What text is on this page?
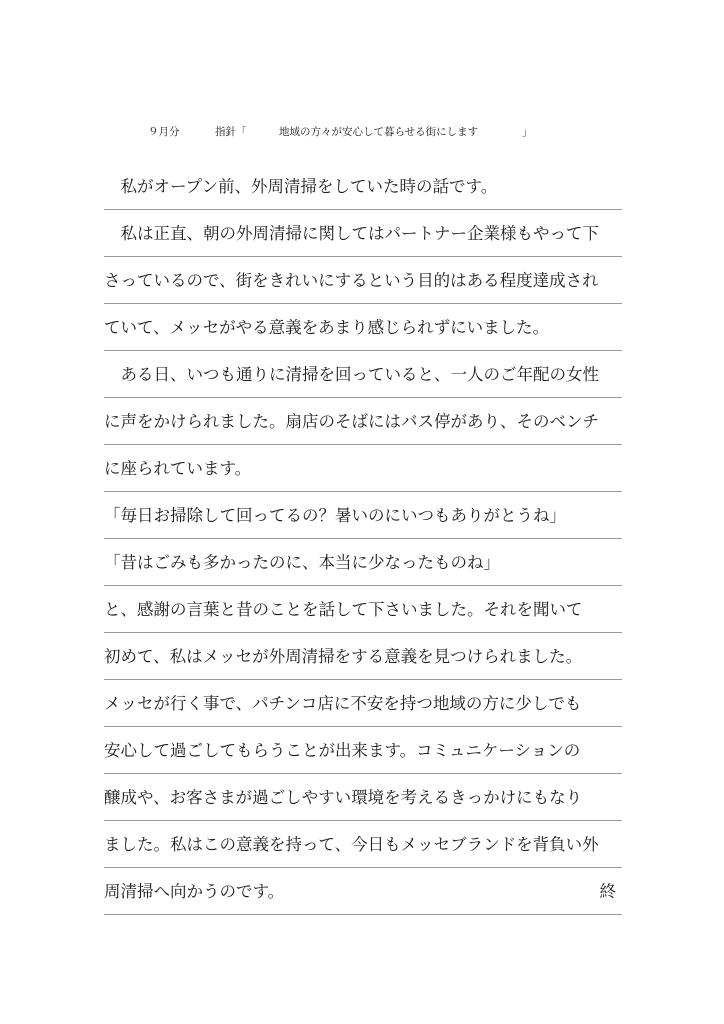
９月分	指針「	地域の方々が安心して暮らせる街にします	」
　私がオープン前、外周清掃をしていた時の話です。
　私は正直、朝の外周清掃に関してはパートナー企業様もやって下
さっているので、街をきれいにするという目的はある程度達成され
ていて、メッセがやる意義をあまり感じられずにいました。
　ある日、いつも通りに清掃を回っていると、一人のご年配の女性
に声をかけられました。扇店のそばにはバス停があり、そのベンチ
に座られています。
「毎日お掃除して回ってるの？暑いのにいつもありがとうね」
「昔はごみも多かったのに、本当に少なったものね」
と、感謝の言葉と昔のことを話して下さいました。それを聞いて
初めて、私はメッセが外周清掃をする意義を見つけられました。
メッセが行く事で、パチンコ店に不安を持つ地域の方に少しでも
安心して過ごしてもらうことが出来ます。コミュニケーションの
醸成や、お客さまが過ごしやすい環境を考えるきっかけにもなり
ました。私はこの意義を持って、今日もメッセブランドを背負い外
周清掃へ向かうのです。	終
